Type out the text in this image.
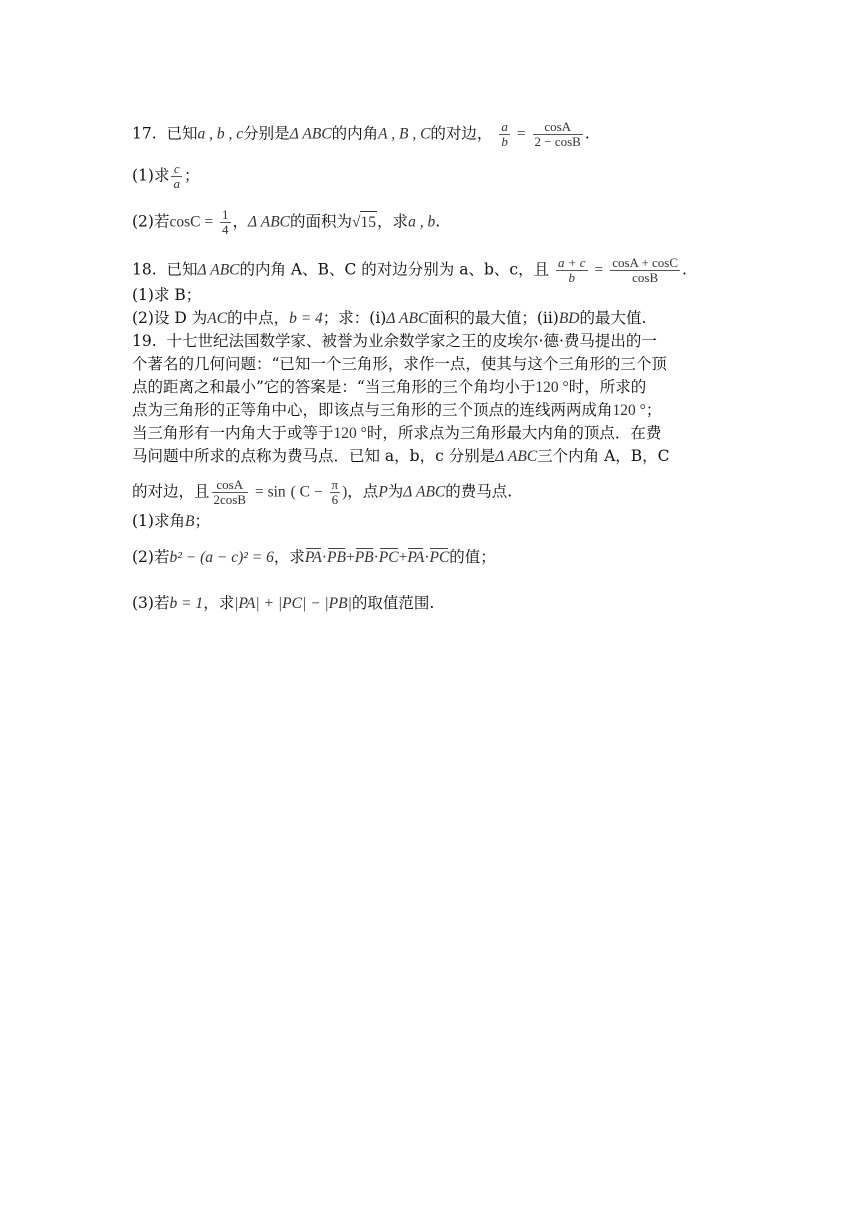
17. 已知a , b , c分别是Δ ABC的内角A , B , C的对边， $\frac{a}{b} = \frac{\cos A}{2 - \cos B}$ .
(1)求 $\frac{c}{a}$ ；
(2)若$\cos C = \frac{1}{4}$ ，Δ ABC的面积为√15，求a , b.
18. 已知Δ ABC的内角 A、B、C 的对边分别为 a、b、c，且 $\frac{a + c}{b} = \frac{\cos A + \cos C}{\cos B}$ .
(1)求 B；
(2)设 D 为AC的中点，b = 4；求：(ⅰ)Δ ABC面积的最大值；(ⅱ)BD的最大值.
19. 十七世纪法国数学家、被誉为业余数学家之王的皮埃尔·德·费马提出的一
个著名的几何问题：“已知一个三角形，求作一点，使其与这个三角形的三个顶
点的距离之和最小”它的答案是：“当三角形的三个角均小于120 °时，所求的
点为三角形的正等角中心，即该点与三角形的三个顶点的连线两两成角120 °；
当三角形有一内角大于或等于120 °时，所求点为三角形最大内角的顶点．在费
马问题中所求的点称为费马点．已知 a，b，c 分别是Δ ABC三个内角 A，B，C
的对边，且 $\frac{\cos A}{2\cos B} = \sin$ ( $C - \frac{\pi}{6}$ )，点P为Δ ABC的费马点.
(1)求角B；
(2)若b² − (a − c)² = 6，求PA·PB+PB·PC+PA·PC的值；
(3)若b = 1，求|PA| + |PC| − |PB|的取值范围.
